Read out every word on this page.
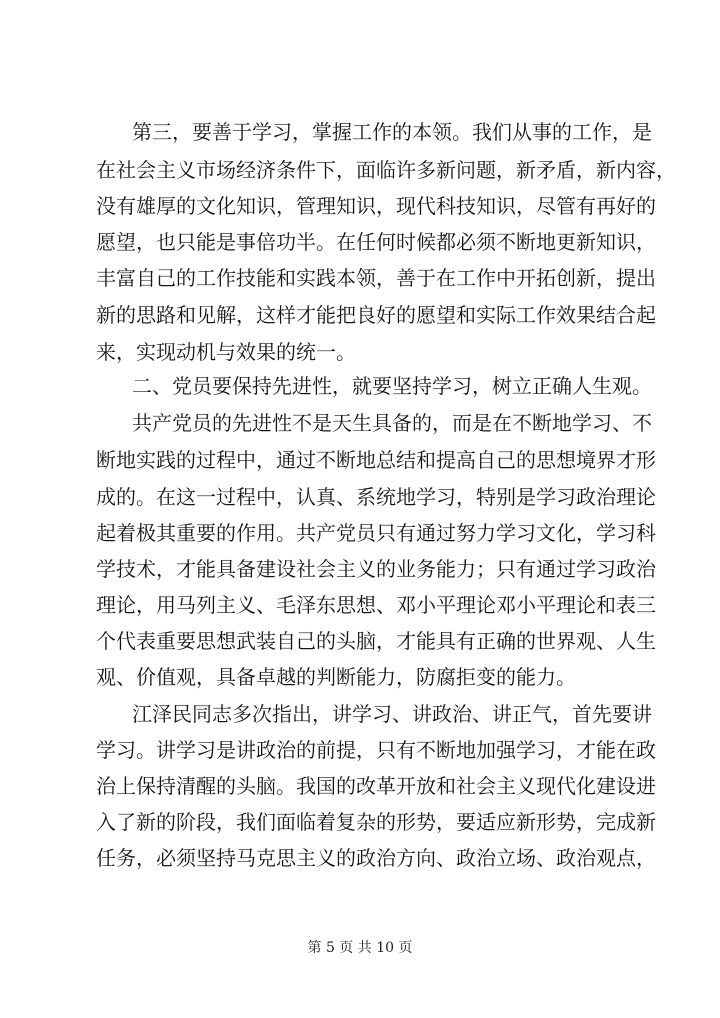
第三，要善于学习，掌握工作的本领。我们从事的工作，是
在社会主义市场经济条件下，面临许多新问题，新矛盾，新内容，
没有雄厚的文化知识，管理知识，现代科技知识，尽管有再好的
愿望，也只能是事倍功半。在任何时候都必须不断地更新知识，
丰富自己的工作技能和实践本领，善于在工作中开拓创新，提出
新的思路和见解，这样才能把良好的愿望和实际工作效果结合起
来，实现动机与效果的统一。
二、党员要保持先进性，就要坚持学习，树立正确人生观。
共产党员的先进性不是天生具备的，而是在不断地学习、不
断地实践的过程中，通过不断地总结和提高自己的思想境界才形
成的。在这一过程中，认真、系统地学习，特别是学习政治理论
起着极其重要的作用。共产党员只有通过努力学习文化，学习科
学技术，才能具备建设社会主义的业务能力；只有通过学习政治
理论，用马列主义、毛泽东思想、邓小平理论邓小平理论和表三
个代表重要思想武装自己的头脑，才能具有正确的世界观、人生
观、价值观，具备卓越的判断能力，防腐拒变的能力。
江泽民同志多次指出，讲学习、讲政治、讲正气，首先要讲
学习。讲学习是讲政治的前提，只有不断地加强学习，才能在政
治上保持清醒的头脑。我国的改革开放和社会主义现代化建设进
入了新的阶段，我们面临着复杂的形势，要适应新形势，完成新
任务，必须坚持马克思主义的政治方向、政治立场、政治观点，
第 5 页 共 10 页
